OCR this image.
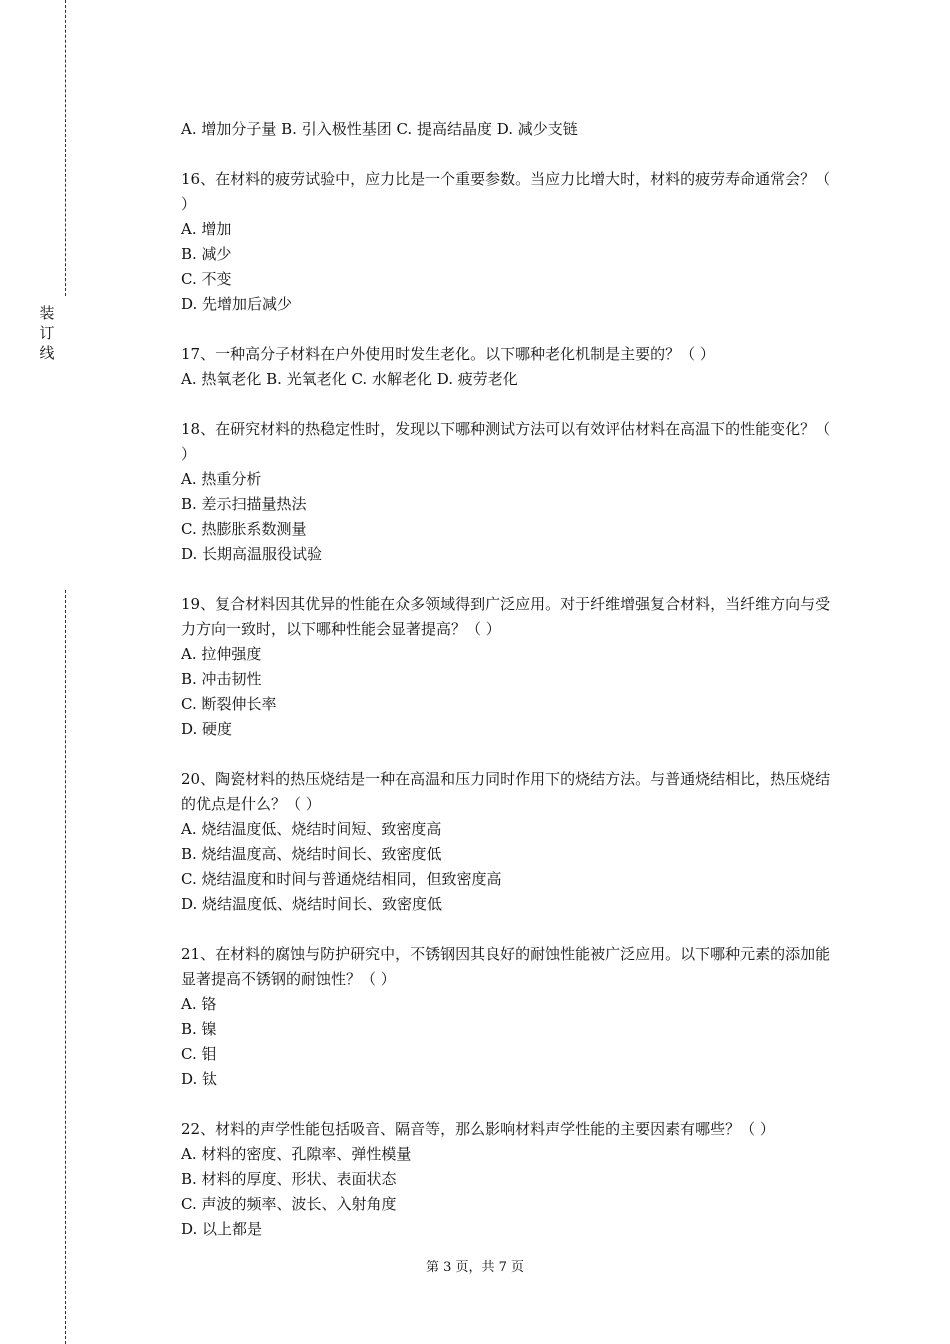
装
订
线

A. 增加分子量 B. 引入极性基团 C. 提高结晶度 D. 减少支链

16、在材料的疲劳试验中，应力比是一个重要参数。当应力比增大时，材料的疲劳寿命通常会？（ ）

A. 增加

B. 减少

C. 不变

D. 先增加后减少

17、一种高分子材料在户外使用时发生老化。以下哪种老化机制是主要的？（ ）

A. 热氧老化 B. 光氧老化 C. 水解老化 D. 疲劳老化

18、在研究材料的热稳定性时，发现以下哪种测试方法可以有效评估材料在高温下的性能变化？（ ）

A. 热重分析

B. 差示扫描量热法

C. 热膨胀系数测量

D. 长期高温服役试验

19、复合材料因其优异的性能在众多领域得到广泛应用。对于纤维增强复合材料，当纤维方向与受力方向一致时，以下哪种性能会显著提高？（ ）

A. 拉伸强度

B. 冲击韧性

C. 断裂伸长率

D. 硬度

20、陶瓷材料的热压烧结是一种在高温和压力同时作用下的烧结方法。与普通烧结相比，热压烧结的优点是什么？（ ）

A. 烧结温度低、烧结时间短、致密度高

B. 烧结温度高、烧结时间长、致密度低

C. 烧结温度和时间与普通烧结相同，但致密度高

D. 烧结温度低、烧结时间长、致密度低

21、在材料的腐蚀与防护研究中，不锈钢因其良好的耐蚀性能被广泛应用。以下哪种元素的添加能显著提高不锈钢的耐蚀性？（ ）

A. 铬

B. 镍

C. 钼

D. 钛

22、材料的声学性能包括吸音、隔音等，那么影响材料声学性能的主要因素有哪些？（ ）

A. 材料的密度、孔隙率、弹性模量

B. 材料的厚度、形状、表面状态

C. 声波的频率、波长、入射角度

D. 以上都是

第 3 页，共 7 页
